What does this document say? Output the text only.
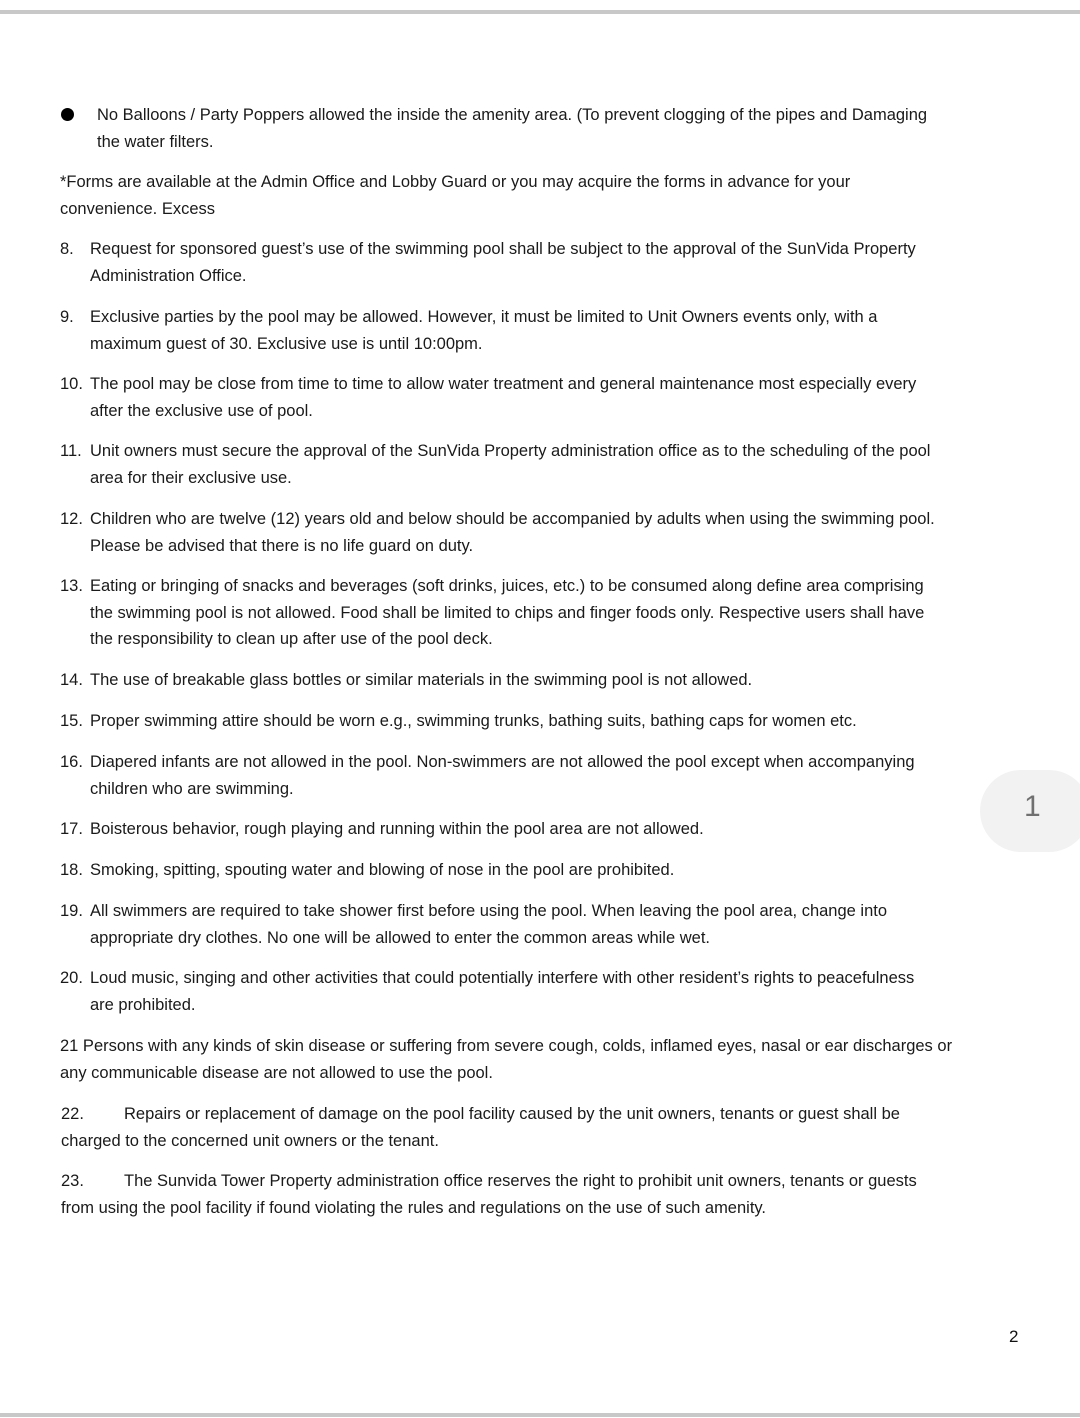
No Balloons / Party Poppers allowed the inside the amenity area. (To prevent clogging of the pipes and Damaging
the water filters.
*Forms are available at the Admin Office and Lobby Guard or you may acquire the forms in advance for your
convenience. Excess
8. Request for sponsored guest’s use of the swimming pool shall be subject to the approval of the SunVida Property
Administration Office.
9. Exclusive parties by the pool may be allowed. However, it must be limited to Unit Owners events only, with a
maximum guest of 30. Exclusive use is until 10:00pm.
10. The pool may be close from time to time to allow water treatment and general maintenance most especially every
after the exclusive use of pool.
11. Unit owners must secure the approval of the SunVida Property administration office as to the scheduling of the pool
area for their exclusive use.
12. Children who are twelve (12) years old and below should be accompanied by adults when using the swimming pool.
Please be advised that there is no life guard on duty.
13. Eating or bringing of snacks and beverages (soft drinks, juices, etc.) to be consumed along define area comprising
the swimming pool is not allowed. Food shall be limited to chips and finger foods only. Respective users shall have
the responsibility to clean up after use of the pool deck.
14. The use of breakable glass bottles or similar materials in the swimming pool is not allowed.
15. Proper swimming attire should be worn e.g., swimming trunks, bathing suits, bathing caps for women etc.
16. Diapered infants are not allowed in the pool. Non-swimmers are not allowed the pool except when accompanying
children who are swimming.
17. Boisterous behavior, rough playing and running within the pool area are not allowed.
18. Smoking, spitting, spouting water and blowing of nose in the pool are prohibited.
19. All swimmers are required to take shower first before using the pool. When leaving the pool area, change into
appropriate dry clothes. No one will be allowed to enter the common areas while wet.
20. Loud music, singing and other activities that could potentially interfere with other resident’s rights to peacefulness
are prohibited.
21 Persons with any kinds of skin disease or suffering from severe cough, colds, inflamed eyes, nasal or ear discharges or
any communicable disease are not allowed to use the pool.
22. Repairs or replacement of damage on the pool facility caused by the unit owners, tenants or guest shall be
charged to the concerned unit owners or the tenant.
23. The Sunvida Tower Property administration office reserves the right to prohibit unit owners, tenants or guests
from using the pool facility if found violating the rules and regulations on the use of such amenity.
2
1
